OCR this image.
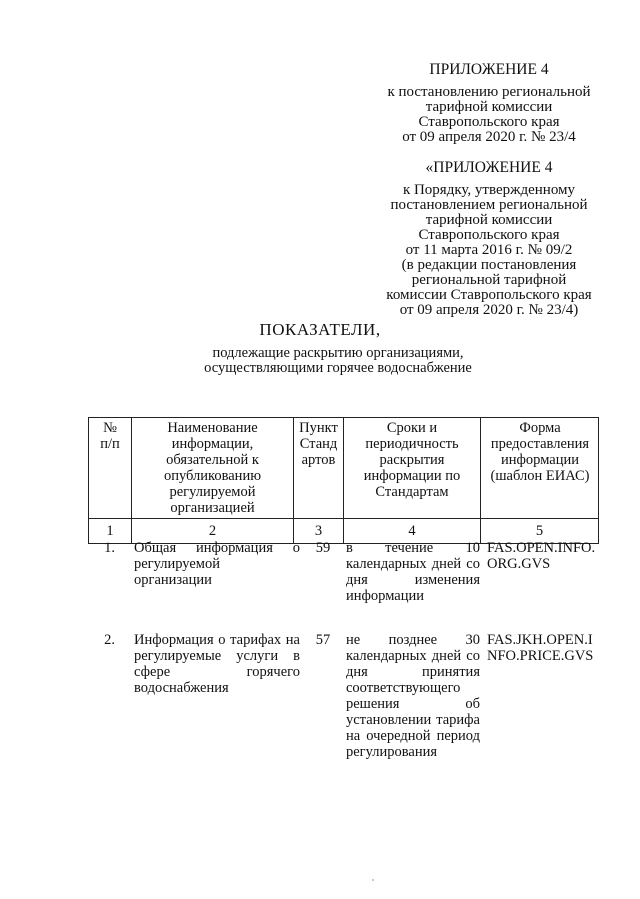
ПРИЛОЖЕНИЕ 4
к постановлению региональной
тарифной комиссии
Ставропольского края
от 09 апреля 2020 г. № 23/4
«ПРИЛОЖЕНИЕ 4
к Порядку, утвержденному
постановлением региональной
тарифной комиссии
Ставропольского края
от 11 марта 2016 г. № 09/2
(в редакции постановления
региональной тарифной
комиссии Ставропольского края
от 09 апреля 2020 г. № 23/4)
ПОКАЗАТЕЛИ,
подлежащие раскрытию организациями,
осуществляющими горячее водоснабжение
№ п/п	Наименование информации, обязательной к опубликованию регулируемой организацией	Пункт Стандартов	Сроки и периодичность раскрытия информации по Стандартам	Форма предоставления информации (шаблон ЕИАС)

1	2	3	4	5
1.	Общая информация о регулируемой организации	59	в течение 10 календарных дней со дня изменения информации	FAS.OPEN.INFO.ORG.GVS
2.	Информация о тарифах на регулируемые услуги в сфере горячего водоснабжения	57	не позднее 30 календарных дней со дня принятия соответствующего решения об установлении тарифа на очередной период регулирования	FAS.JKH.OPEN.INFO.PRICE.GVS
